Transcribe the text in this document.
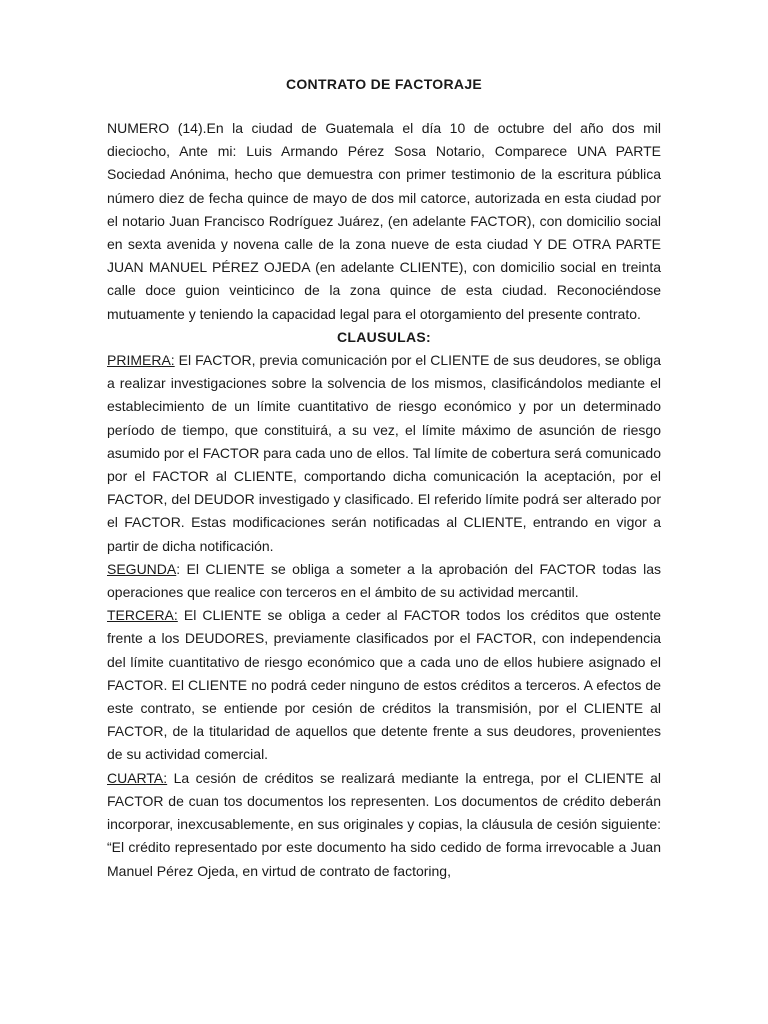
CONTRATO DE FACTORAJE

NUMERO (14).En la ciudad de Guatemala el día 10 de octubre del año dos mil dieciocho, Ante mi: Luis Armando Pérez Sosa Notario, Comparece UNA PARTE Sociedad Anónima, hecho que demuestra con primer testimonio de la escritura pública número diez de fecha quince de mayo de dos mil catorce, autorizada en esta ciudad por el notario Juan Francisco Rodríguez Juárez, (en adelante FACTOR), con domicilio social en sexta avenida y novena calle de la zona nueve de esta ciudad Y DE OTRA PARTE JUAN MANUEL PÉREZ OJEDA (en adelante CLIENTE), con domicilio social en treinta calle doce guion veinticinco de la zona quince de esta ciudad. Reconociéndose mutuamente y teniendo la capacidad legal para el otorgamiento del presente contrato.

CLAUSULAS:

PRIMERA: El FACTOR, previa comunicación por el CLIENTE de sus deudores, se obliga a realizar investigaciones sobre la solvencia de los mismos, clasificándolos mediante el establecimiento de un límite cuantitativo de riesgo económico y por un determinado período de tiempo, que constituirá, a su vez, el límite máximo de asunción de riesgo asumido por el FACTOR para cada uno de ellos. Tal límite de cobertura será comunicado por el FACTOR al CLIENTE, comportando dicha comunicación la aceptación, por el FACTOR, del DEUDOR investigado y clasificado. El referido límite podrá ser alterado por el FACTOR. Estas modificaciones serán notificadas al CLIENTE, entrando en vigor a partir de dicha notificación.

SEGUNDA: El CLIENTE se obliga a someter a la aprobación del FACTOR todas las operaciones que realice con terceros en el ámbito de su actividad mercantil.

TERCERA: El CLIENTE se obliga a ceder al FACTOR todos los créditos que ostente frente a los DEUDORES, previamente clasificados por el FACTOR, con independencia del límite cuantitativo de riesgo económico que a cada uno de ellos hubiere asignado el FACTOR. El CLIENTE no podrá ceder ninguno de estos créditos a terceros. A efectos de este contrato, se entiende por cesión de créditos la transmisión, por el CLIENTE al FACTOR, de la titularidad de aquellos que detente frente a sus deudores, provenientes de su actividad comercial.

CUARTA: La cesión de créditos se realizará mediante la entrega, por el CLIENTE al FACTOR de cuan tos documentos los representen. Los documentos de crédito deberán incorporar, inexcusablemente, en sus originales y copias, la cláusula de cesión siguiente: “El crédito representado por este documento ha sido cedido de forma irrevocable a Juan Manuel Pérez Ojeda, en virtud de contrato de factoring,
